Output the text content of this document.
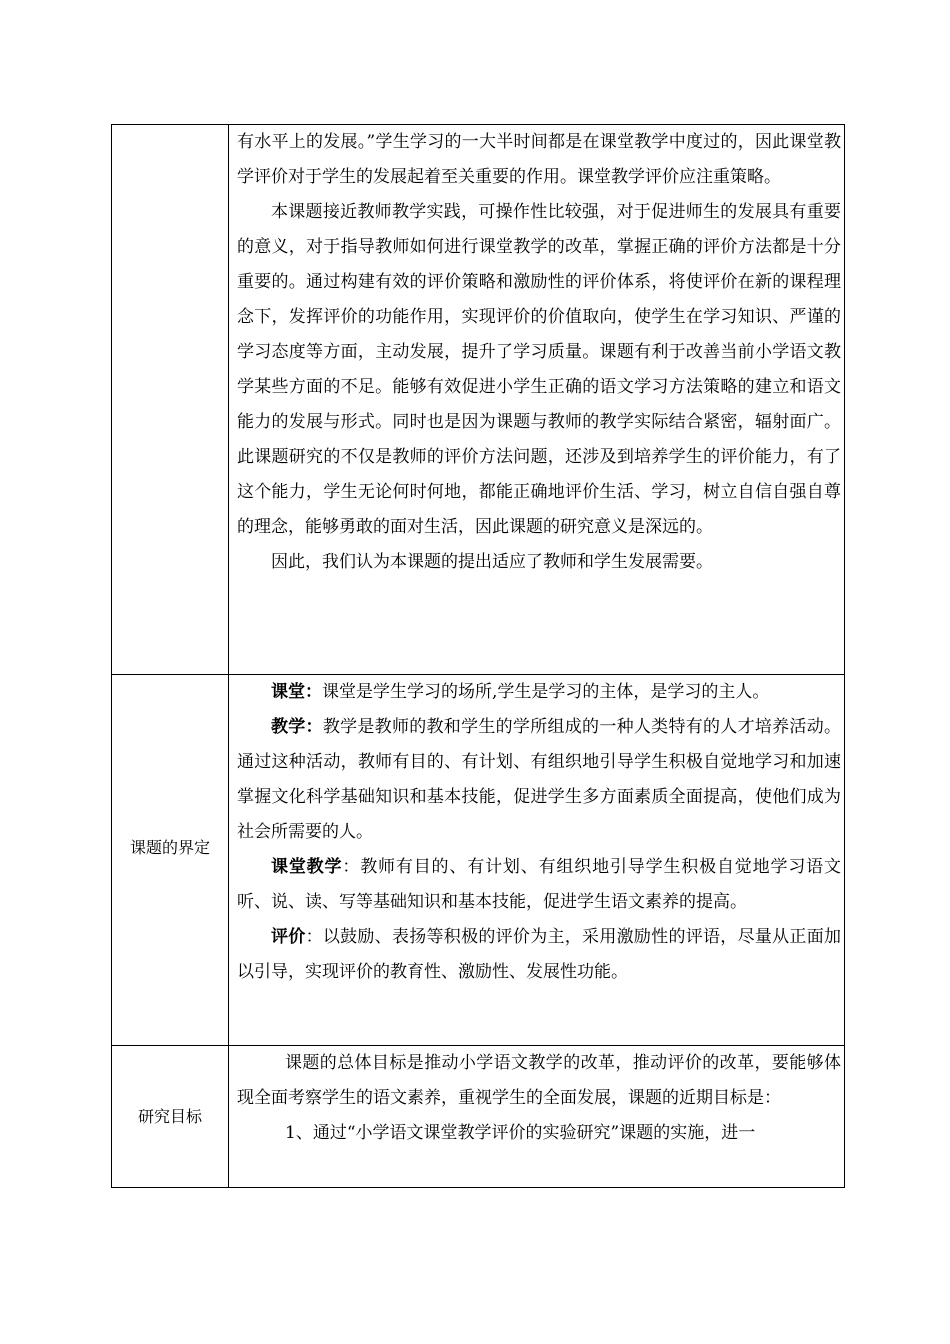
	有水平上的发展。”学生学习的一大半时间都是在课堂教学中度过的，因此课堂教学评价对于学生的发展起着至关重要的作用。课堂教学评价应注重策略。

本课题接近教师教学实践，可操作性比较强，对于促进师生的发展具有重要的意义，对于指导教师如何进行课堂教学的改革，掌握正确的评价方法都是十分重要的。通过构建有效的评价策略和激励性的评价体系，将使评价在新的课程理念下，发挥评价的功能作用，实现评价的价值取向，使学生在学习知识、严谨的学习态度等方面，主动发展，提升了学习质量。课题有利于改善当前小学语文教学某些方面的不足。能够有效促进小学生正确的语文学习方法策略的建立和语文能力的发展与形式。同时也是因为课题与教师的教学实际结合紧密，辐射面广。此课题研究的不仅是教师的评价方法问题，还涉及到培养学生的评价能力，有了这个能力，学生无论何时何地，都能正确地评价生活、学习，树立自信自强自尊的理念，能够勇敢的面对生活，因此课题的研究意义是深远的。

因此，我们认为本课题的提出适应了教师和学生发展需要。

课题的界定	课堂：课堂是学生学习的场所,学生是学习的主体，是学习的主人。

教学：教学是教师的教和学生的学所组成的一种人类特有的人才培养活动。通过这种活动，教师有目的、有计划、有组织地引导学生积极自觉地学习和加速掌握文化科学基础知识和基本技能，促进学生多方面素质全面提高，使他们成为社会所需要的人。

课堂教学：教师有目的、有计划、有组织地引导学生积极自觉地学习语文听、说、读、写等基础知识和基本技能，促进学生语文素养的提高。

评价：以鼓励、表扬等积极的评价为主，采用激励性的评语，尽量从正面加以引导，实现评价的教育性、激励性、发展性功能。

研究目标	课题的总体目标是推动小学语文教学的改革，推动评价的改革，要能够体现全面考察学生的语文素养，重视学生的全面发展，课题的近期目标是：

1、通过“小学语文课堂教学评价的实验研究”课题的实施，进一
